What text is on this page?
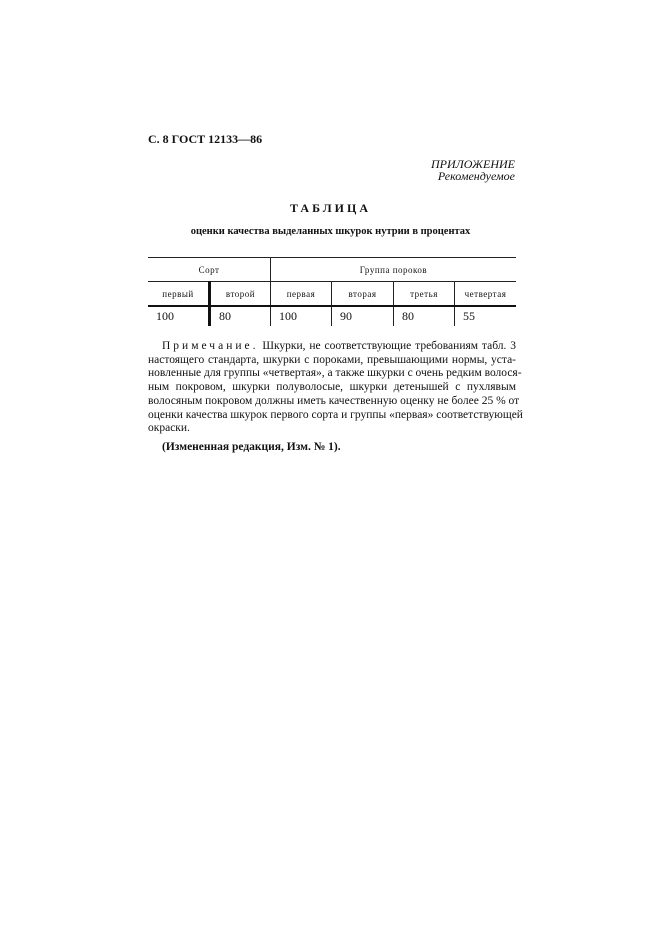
С. 8 ГОСТ 12133—86
ПРИЛОЖЕНИЕ
Рекомендуемое
ТАБЛИЦА
оценки качества выделанных шкурок нутрии в процентах
Сорт		Группа пороков			
первый	второй	первая	вторая	третья	четвертая
100	80	100	90	80	55
Примечание. Шкурки, не соответствующие требованиям табл. 3
настоящего стандарта, шкурки с пороками, превышающими нормы, уста-
новленные для группы «четвертая», а также шкурки с очень редким волося-
ным покровом, шкурки полуволосые, шкурки детенышей с пухлявым
волосяным покровом должны иметь качественную оценку не более 25 % от
оценки качества шкурок первого сорта и группы «первая» соответствующей
окраски.
(Измененная редакция, Изм. № 1).
